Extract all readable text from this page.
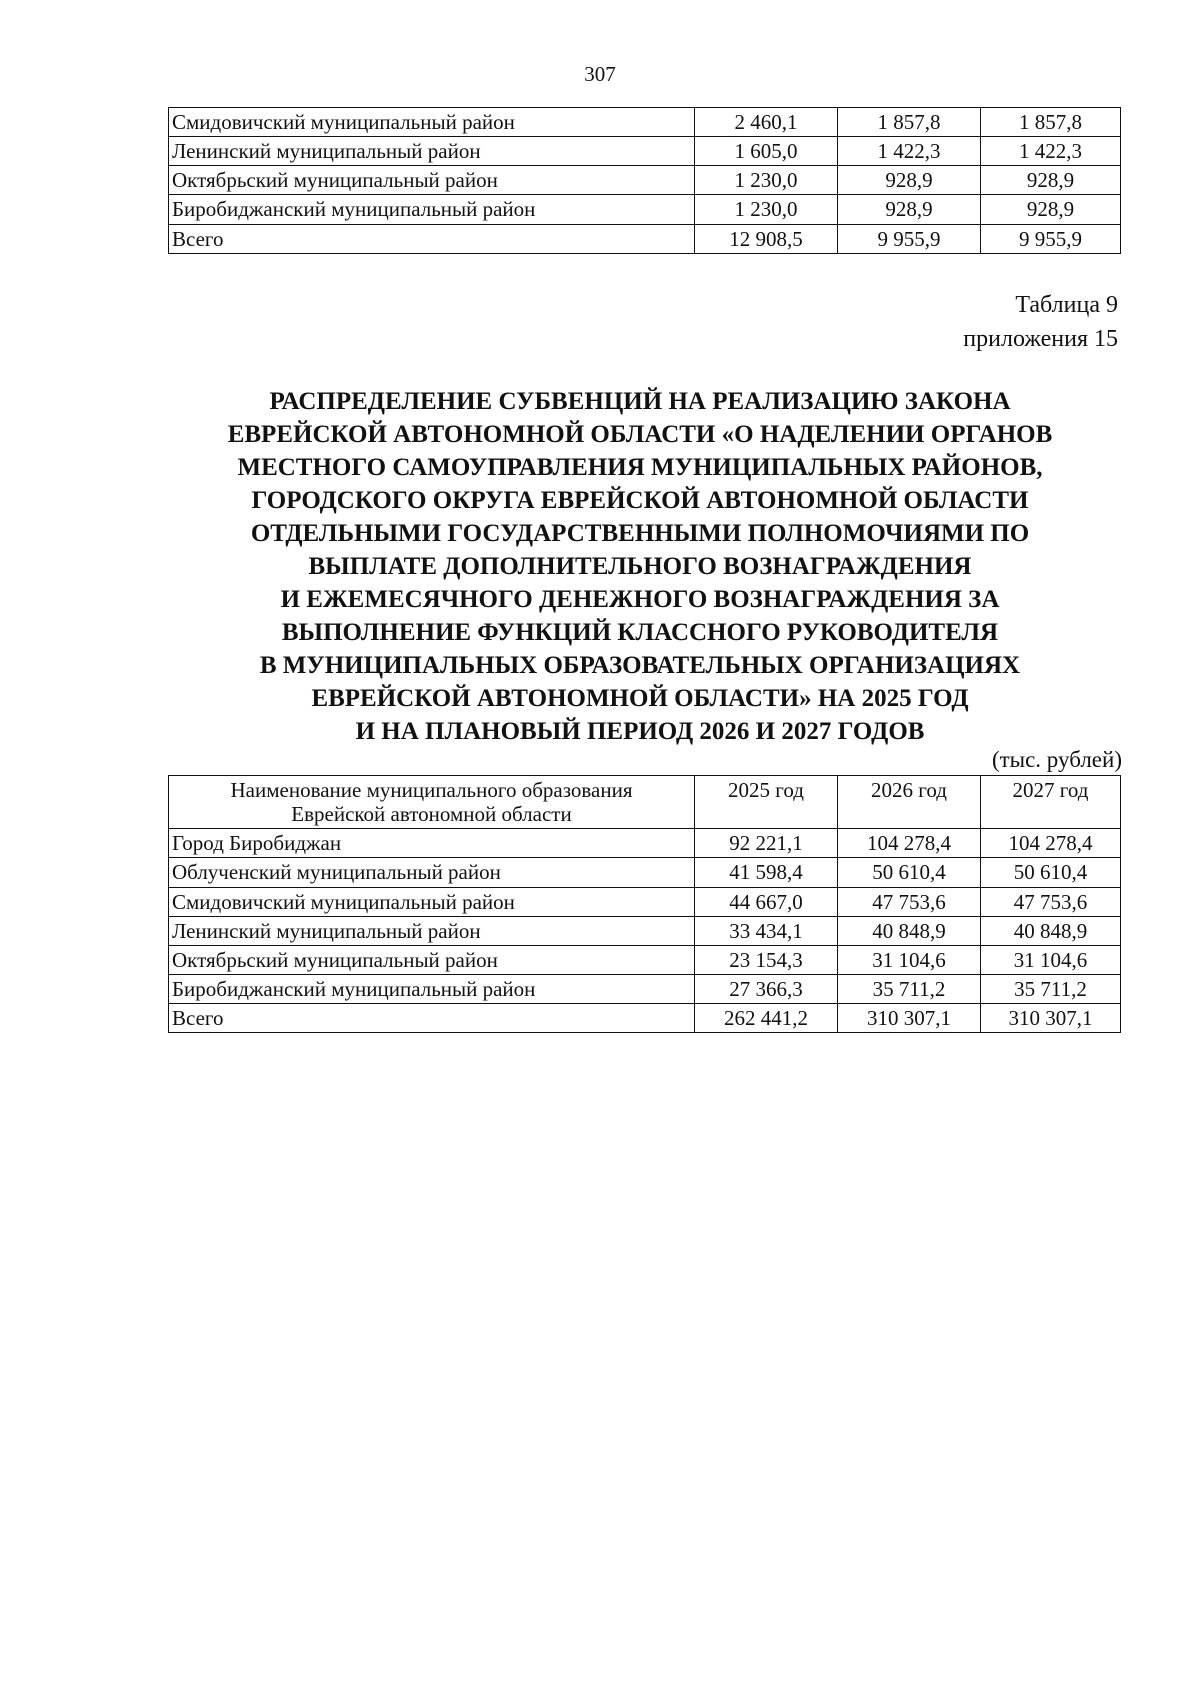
307
Смидовичский муниципальный район	2 460,1	1 857,8	1 857,8
Ленинский муниципальный район	1 605,0	1 422,3	1 422,3
Октябрьский муниципальный район	1 230,0	928,9	928,9
Биробиджанский муниципальный район	1 230,0	928,9	928,9
Всего	12 908,5	9 955,9	9 955,9
Таблица 9
приложения 15
РАСПРЕДЕЛЕНИЕ СУБВЕНЦИЙ НА РЕАЛИЗАЦИЮ ЗАКОНА
ЕВРЕЙСКОЙ АВТОНОМНОЙ ОБЛАСТИ «О НАДЕЛЕНИИ ОРГАНОВ
МЕСТНОГО САМОУПРАВЛЕНИЯ МУНИЦИПАЛЬНЫХ РАЙОНОВ,
ГОРОДСКОГО ОКРУГА ЕВРЕЙСКОЙ АВТОНОМНОЙ ОБЛАСТИ
ОТДЕЛЬНЫМИ ГОСУДАРСТВЕННЫМИ ПОЛНОМОЧИЯМИ ПО
ВЫПЛАТЕ ДОПОЛНИТЕЛЬНОГО ВОЗНАГРАЖДЕНИЯ
И ЕЖЕМЕСЯЧНОГО ДЕНЕЖНОГО ВОЗНАГРАЖДЕНИЯ ЗА
ВЫПОЛНЕНИЕ ФУНКЦИЙ КЛАССНОГО РУКОВОДИТЕЛЯ
В МУНИЦИПАЛЬНЫХ ОБРАЗОВАТЕЛЬНЫХ ОРГАНИЗАЦИЯХ
ЕВРЕЙСКОЙ АВТОНОМНОЙ ОБЛАСТИ» НА 2025 ГОД
И НА ПЛАНОВЫЙ ПЕРИОД 2026 И 2027 ГОДОВ
(тыс. рублей)
Наименование муниципального образования
Еврейской автономной области	2025 год	2026 год	2027 год
Город Биробиджан	92 221,1	104 278,4	104 278,4
Облученский муниципальный район	41 598,4	50 610,4	50 610,4
Смидовичский муниципальный район	44 667,0	47 753,6	47 753,6
Ленинский муниципальный район	33 434,1	40 848,9	40 848,9
Октябрьский муниципальный район	23 154,3	31 104,6	31 104,6
Биробиджанский муниципальный район	27 366,3	35 711,2	35 711,2
Всего	262 441,2	310 307,1	310 307,1
